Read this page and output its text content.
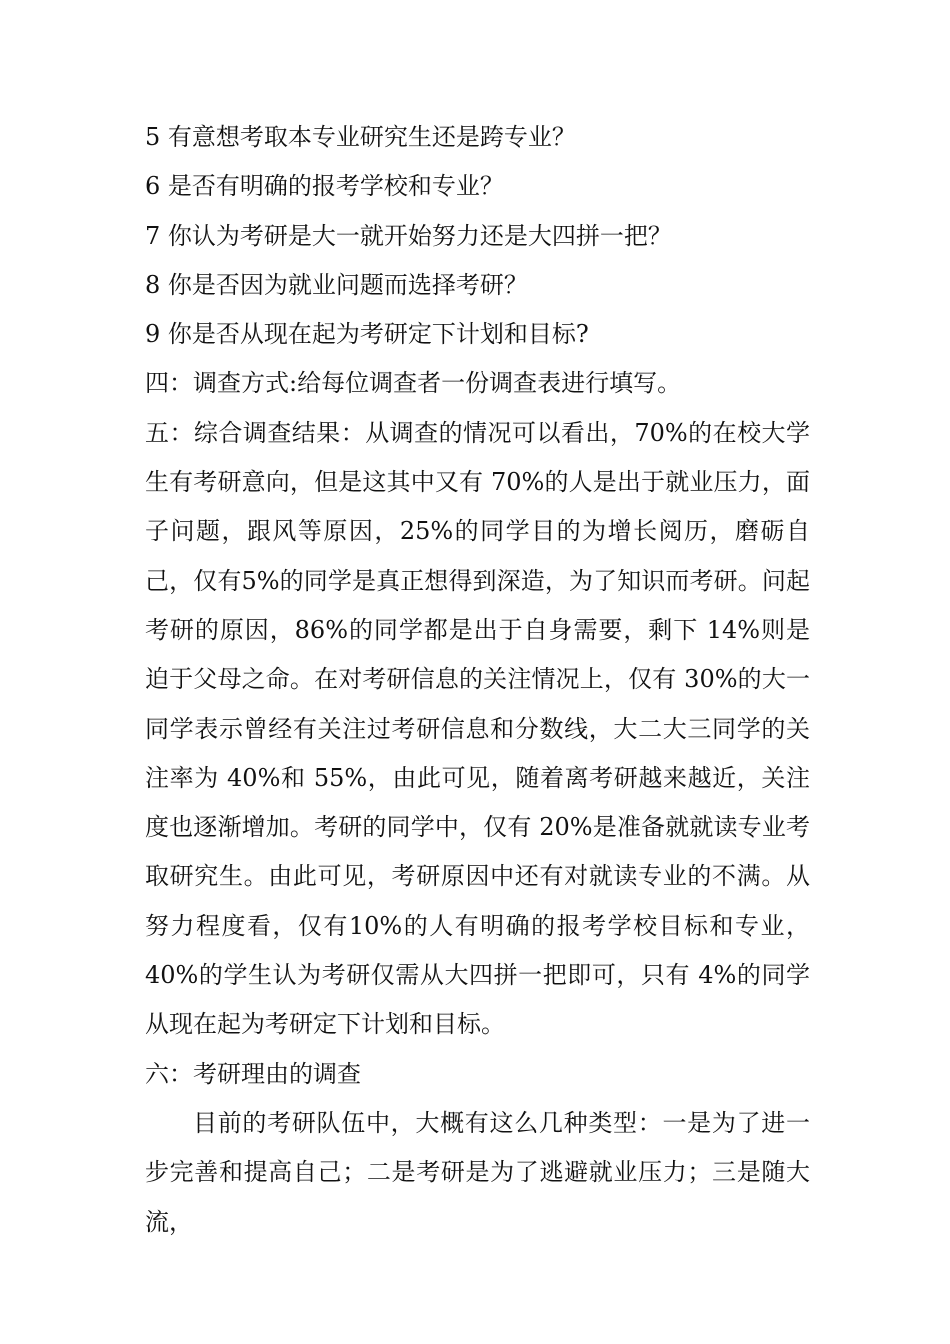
5 有意想考取本专业研究生还是跨专业？

6 是否有明确的报考学校和专业？

7 你认为考研是大一就开始努力还是大四拼一把？

8 你是否因为就业问题而选择考研？

9 你是否从现在起为考研定下计划和目标?

四：调查方式:给每位调查者一份调查表进行填写。

五：综合调查结果：从调查的情况可以看出，70%的在校大学生有考研意向，但是这其中又有 70%的人是出于就业压力，面子问题，跟风等原因，25%的同学目的为增长阅历，磨砺自己，仅有5%的同学是真正想得到深造，为了知识而考研。问起考研的原因，86%的同学都是出于自身需要，剩下 14%则是迫于父母之命。在对考研信息的关注情况上，仅有 30%的大一同学表示曾经有关注过考研信息和分数线，大二大三同学的关注率为 40%和 55%，由此可见，随着离考研越来越近，关注度也逐渐增加。考研的同学中，仅有 20%是准备就就读专业考取研究生。由此可见，考研原因中还有对就读专业的不满。从努力程度看，仅有10%的人有明确的报考学校目标和专业，40%的学生认为考研仅需从大四拼一把即可，只有 4%的同学从现在起为考研定下计划和目标。

六：考研理由的调查

目前的考研队伍中，大概有这么几种类型：一是为了进一步完善和提高自己；二是考研是为了逃避就业压力；三是随大流，
